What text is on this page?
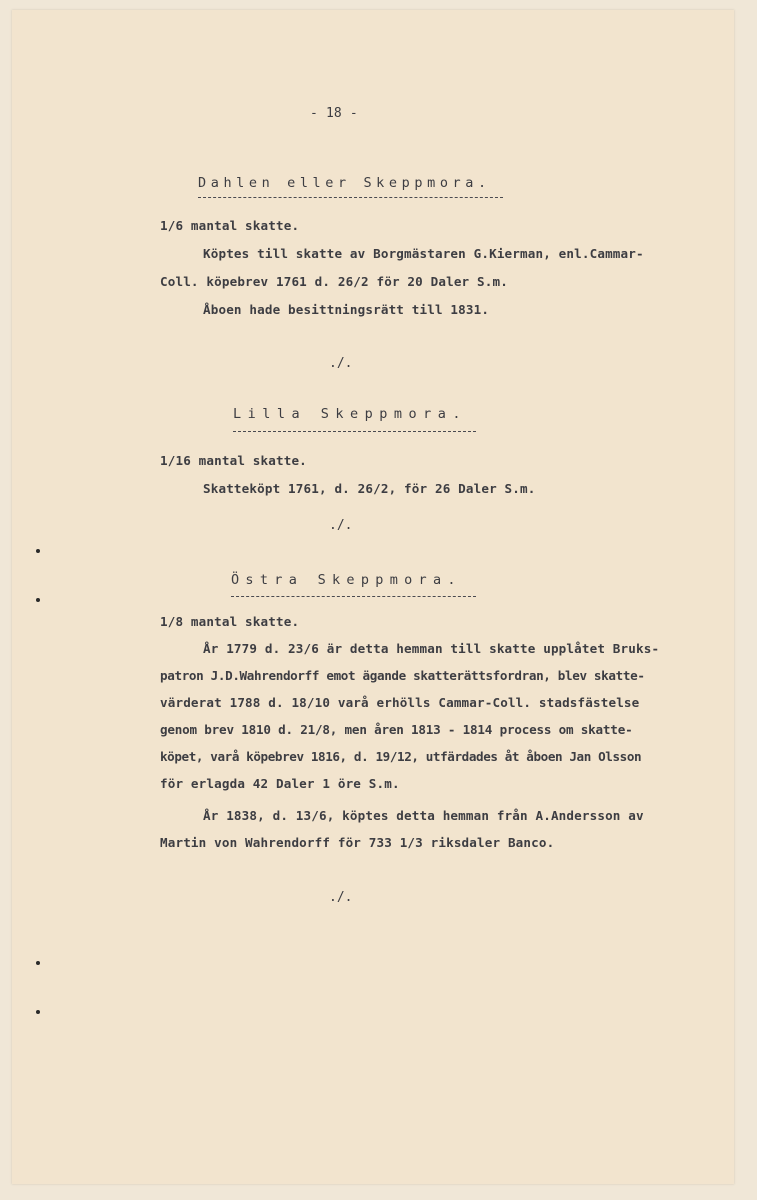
- 18 -
Dahlen eller Skeppmora.
1/6 mantal skatte.
Köptes till skatte av Borgmästaren G.Kierman, enl.Cammar-
Coll. köpebrev 1761 d. 26/2 för 20 Daler S.m.
Åboen hade besittningsrätt till 1831.
./.
Lilla Skeppmora.
1/16 mantal skatte.
Skatteköpt 1761, d. 26/2, för 26 Daler S.m.
./.
Östra Skeppmora.
1/8 mantal skatte.
År 1779 d. 23/6 är detta hemman till skatte upplåtet Bruks-
patron J.D.Wahrendorff emot ägande skatterättsfordran, blev skatte-
värderat 1788 d. 18/10 varå erhölls Cammar-Coll. stadsfästelse
genom brev 1810 d. 21/8, men åren 1813 - 1814 process om skatte-
köpet, varå köpebrev 1816, d. 19/12, utfärdades åt åboen Jan Olsson
för erlagda 42 Daler 1 öre S.m.
År 1838, d. 13/6, köptes detta hemman från A.Andersson av
Martin von Wahrendorff för 733 1/3 riksdaler Banco.
./.
